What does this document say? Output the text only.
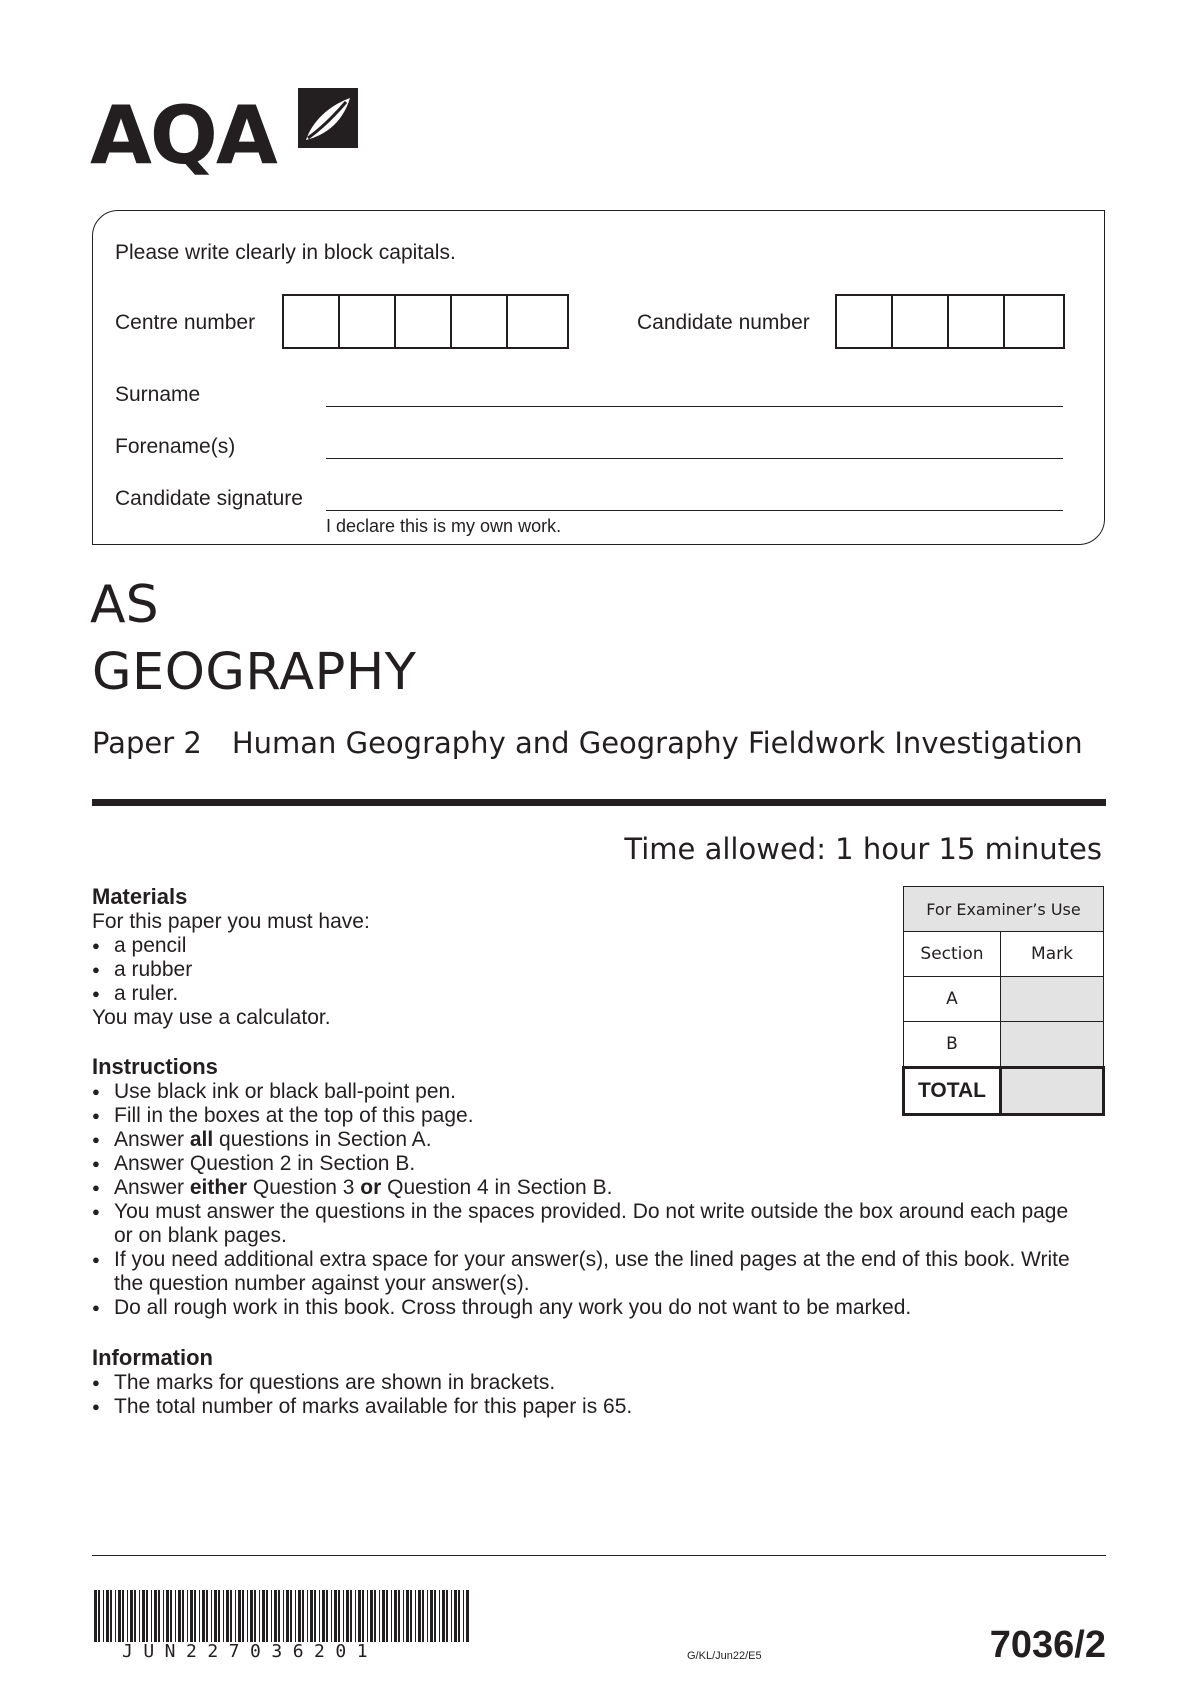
AQA
Please write clearly in block capitals.
Centre number	Candidate number
Surname
Forename(s)
Candidate signature
I declare this is my own work.
AS
GEOGRAPHY
Paper 2 Human Geography and Geography Fieldwork Investigation
Time allowed: 1 hour 15 minutes
For Examiner’s Use	
Section	Mark
A	
B	
TOTAL	
Materials

For this paper you must have:

● a pencil
● a rubber
● a ruler.

You may use a calculator.

Instructions
● Use black ink or black ball-point pen.
● Fill in the boxes at the top of this page.
● Answer all questions in Section A.
● Answer Question 2 in Section B.
● Answer either Question 3 or Question 4 in Section B.
● You must answer the questions in the spaces provided. Do not write outside the box around each page or on blank pages.
● If you need additional extra space for your answer(s), use the lined pages at the end of this book. Write the question number against your answer(s).
● Do all rough work in this book. Cross through any work you do not want to be marked.
Information
● The marks for questions are shown in brackets.
● The total number of marks available for this paper is 65.
JUN227036201	G/KL/Jun22/E5	7036/2
